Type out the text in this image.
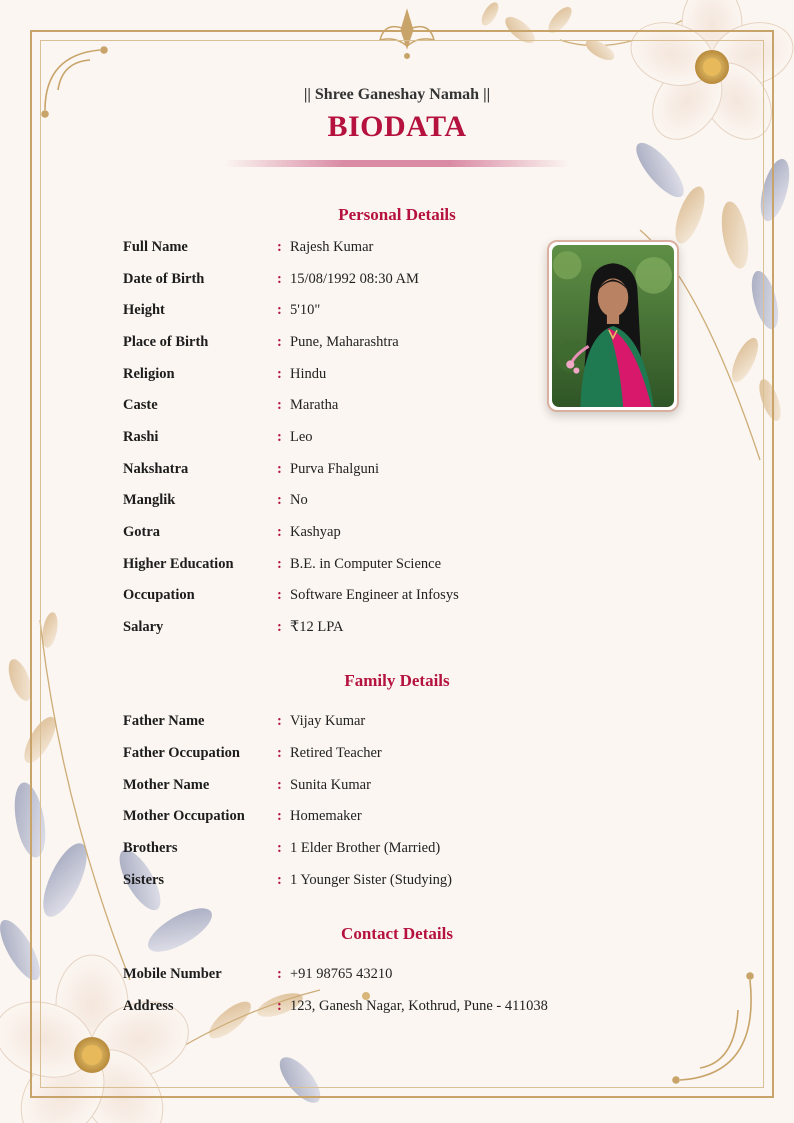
|| Shree Ganeshay Namah ||
BIODATA
Personal Details
Full Name	: Rajesh Kumar
Date of Birth	: 15/08/1992 08:30 AM
Height	: 5'10"
Place of Birth	: Pune, Maharashtra
Religion	: Hindu
Caste	: Maratha
Rashi	: Leo
Nakshatra	: Purva Fhalguni
Manglik	: No
Gotra	: Kashyap
Higher Education	: B.E. in Computer Science
Occupation	: Software Engineer at Infosys
Salary	: ₹12 LPA
Family Details
Father Name	: Vijay Kumar
Father Occupation	: Retired Teacher
Mother Name	: Sunita Kumar
Mother Occupation : Homemaker
Brothers	: 1 Elder Brother (Married)
Sisters	: 1 Younger Sister (Studying)
Contact Details
Mobile Number	: +91 98765 43210
Address	: 123, Ganesh Nagar, Kothrud, Pune - 411038
